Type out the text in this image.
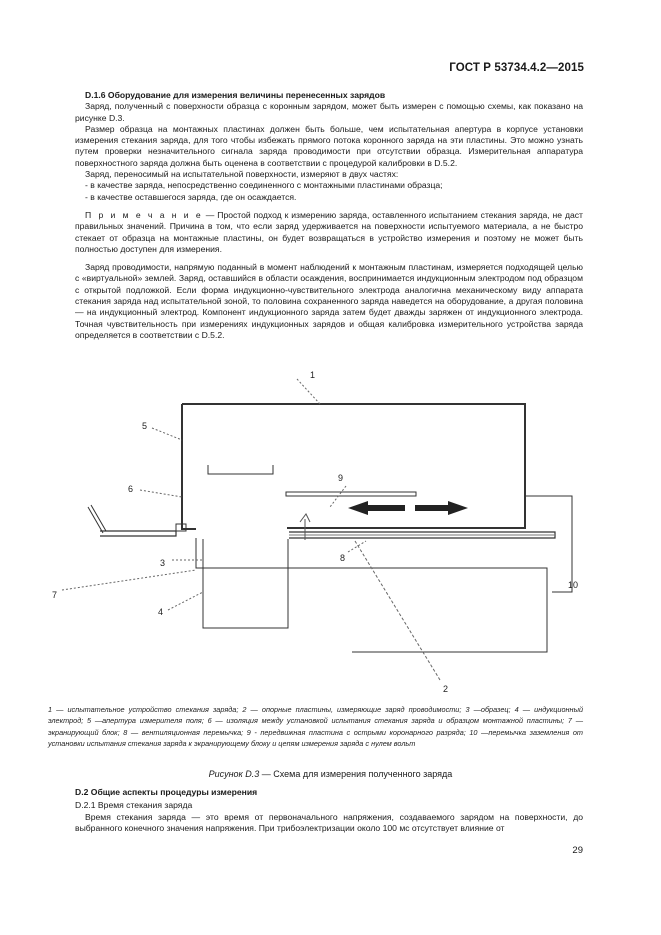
ГОСТ Р 53734.4.2—2015

D.1.6 Оборудование для измерения величины перенесенных зарядов

Заряд, полученный с поверхности образца с коронным зарядом, может быть измерен с помощью схемы, как показано на рисунке D.3.

Размер образца на монтажных пластинах должен быть больше, чем испытательная апертура в корпусе установки измерения стекания заряда, для того чтобы избежать прямого потока коронного заряда на эти пластины. Это можно узнать путем проверки незначительного сигнала заряда проводимости при отсутствии образца. Измерительная аппаратура поверхностного заряда должна быть оценена в соответствии с процедурой калибровки в D.5.2.

Заряд, переносимый на испытательной поверхности, измеряют в двух частях:

- в качестве заряда, непосредственно соединенного с монтажными пластинами образца;

- в качестве оставшегося заряда, где он осаждается.

П р и м е ч а н и е — Простой подход к измерению заряда, оставленного испытанием стекания заряда, не даст правильных значений. Причина в том, что если заряд удерживается на поверхности испытуемого материала, а не быстро стекает от образца на монтажные пластины, он будет возвращаться в устройство измерения и поэтому не может быть полностью доступен для измерения.

Заряд проводимости, напрямую поданный в момент наблюдений к монтажным пластинам, измеряется подходящей целью с «виртуальной» землей. Заряд, оставшийся в области осаждения, воспринимается индукционным электродом под образцом с открытой подложкой. Если форма индукционно-чувствительного электрода аналогична механическому виду аппарата стекания заряда над испытательной зоной, то половина сохраненного заряда наведется на оборудование, а другая половина — на индукционный электрод. Компонент индукционного заряда затем будет дважды заряжен от индукционного электрода. Точная чувствительность при измерениях индукционных зарядов и общая калибровка измерительного устройства заряда определяется в соответствии с D.5.2.

1
2
3
4
5
6
7
8
9
10
1 — испытательное устройство стекания заряда; 2 — опорные пластины, измеряющие заряд проводимости; 3 —образец; 4 — индукционный электрод; 5 —апертура измерителя поля; 6 — изоляция между установкой испытания стекания заряда и образцом монтажной пластины; 7 — экранирующий блок; 8 — вентиляционная перемычка; 9 - передвижная пластина с острыми коронарного разряда; 10 —перемычка заземления от установки испытания стекания заряда к экранирующему блоку и цепям измерения заряда с нулем вольт
Рисунок D.3 — Схема для измерения полученного заряда

D.2 Общие аспекты процедуры измерения

D.2.1 Время стекания заряда

Время стекания заряда — это время от первоначального напряжения, создаваемого зарядом на поверхности, до выбранного конечного значения напряжения. При трибоэлектризации около 100 мс отсутствует влияние от

29
